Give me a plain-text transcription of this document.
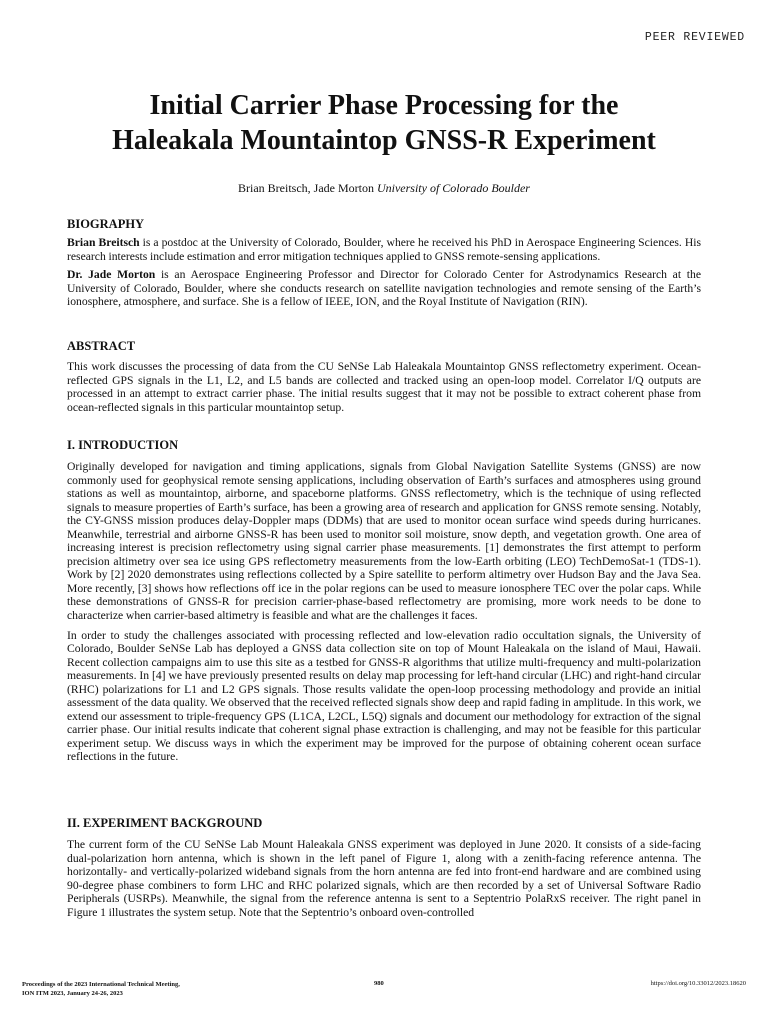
PEER REVIEWED
Initial Carrier Phase Processing for the
Haleakala Mountaintop GNSS-R Experiment
Brian Breitsch, Jade Morton University of Colorado Boulder
BIOGRAPHY

Brian Breitsch is a postdoc at the University of Colorado, Boulder, where he received his PhD in Aerospace Engineering Sciences. His research interests include estimation and error mitigation techniques applied to GNSS remote-sensing applications.

Dr. Jade Morton is an Aerospace Engineering Professor and Director for Colorado Center for Astrodynamics Research at the University of Colorado, Boulder, where she conducts research on satellite navigation technologies and remote sensing of the Earth’s ionosphere, atmosphere, and surface. She is a fellow of IEEE, ION, and the Royal Institute of Navigation (RIN).

ABSTRACT

This work discusses the processing of data from the CU SeNSe Lab Haleakala Mountaintop GNSS reflectometry experiment. Ocean-reflected GPS signals in the L1, L2, and L5 bands are collected and tracked using an open-loop model. Correlator I/Q outputs are processed in an attempt to extract carrier phase. The initial results suggest that it may not be possible to extract coherent phase from ocean-reflected signals in this particular mountaintop setup.

I. INTRODUCTION

Originally developed for navigation and timing applications, signals from Global Navigation Satellite Systems (GNSS) are now commonly used for geophysical remote sensing applications, including observation of Earth’s surfaces and atmospheres using ground stations as well as mountaintop, airborne, and spaceborne platforms. GNSS reflectometry, which is the technique of using reflected signals to measure properties of Earth’s surface, has been a growing area of research and application for GNSS remote sensing. Notably, the CY-GNSS mission produces delay-Doppler maps (DDMs) that are used to monitor ocean surface wind speeds during hurricanes. Meanwhile, terrestrial and airborne GNSS-R has been used to monitor soil moisture, snow depth, and vegetation growth. One area of increasing interest is precision reflectometry using signal carrier phase measurements. [1] demonstrates the first attempt to perform precision altimetry over sea ice using GPS reflectometry measurements from the low-Earth orbiting (LEO) TechDemoSat-1 (TDS-1). Work by [2] 2020 demonstrates using reflections collected by a Spire satellite to perform altimetry over Hudson Bay and the Java Sea. More recently, [3] shows how reflections off ice in the polar regions can be used to measure ionosphere TEC over the polar caps. While these demonstrations of GNSS-R for precision carrier-phase-based reflectometry are promising, more work needs to be done to characterize when carrier-based altimetry is feasible and what are the challenges it faces.

In order to study the challenges associated with processing reflected and low-elevation radio occultation signals, the University of Colorado, Boulder SeNSe Lab has deployed a GNSS data collection site on top of Mount Haleakala on the island of Maui, Hawaii. Recent collection campaigns aim to use this site as a testbed for GNSS-R algorithms that utilize multi-frequency and multi-polarization measurements. In [4] we have previously presented results on delay map processing for left-hand circular (LHC) and right-hand circular (RHC) polarizations for L1 and L2 GPS signals. Those results validate the open-loop processing methodology and provide an initial assessment of the data quality. We observed that the received reflected signals show deep and rapid fading in amplitude. In this work, we extend our assessment to triple-frequency GPS (L1CA, L2CL, L5Q) signals and document our methodology for extraction of the signal carrier phase. Our initial results indicate that coherent signal phase extraction is challenging, and may not be feasible for this particular experiment setup. We discuss ways in which the experiment may be improved for the purpose of obtaining coherent ocean surface reflections in the future.

II. EXPERIMENT BACKGROUND

The current form of the CU SeNSe Lab Mount Haleakala GNSS experiment was deployed in June 2020. It consists of a side-facing dual-polarization horn antenna, which is shown in the left panel of Figure 1, along with a zenith-facing reference antenna. The horizontally- and vertically-polarized wideband signals from the horn antenna are fed into front-end hardware and are combined using 90-degree phase combiners to form LHC and RHC polarized signals, which are then recorded by a set of Universal Software Radio Peripherals (USRPs). Meanwhile, the signal from the reference antenna is sent to a Septentrio PolaRxS receiver. The right panel in Figure 1 illustrates the system setup. Note that the Septentrio’s onboard oven-controlled

Proceedings of the 2023 International Technical Meeting,
ION ITM 2023, January 24-26, 2023
980	https://doi.org/10.33012/2023.18620
